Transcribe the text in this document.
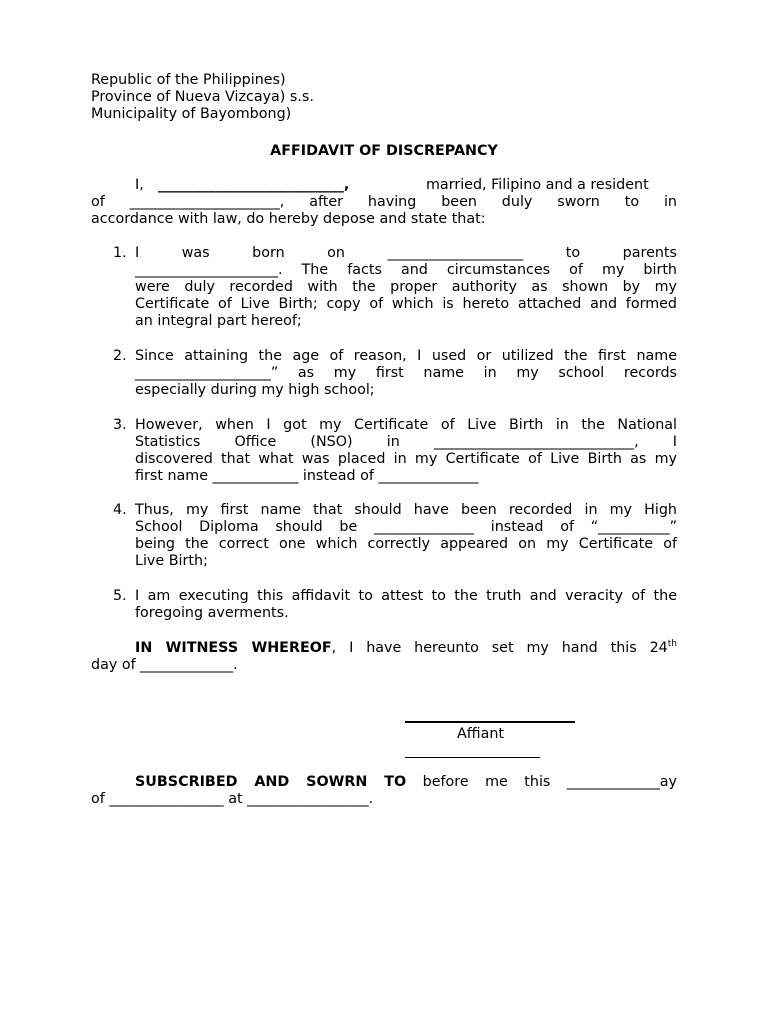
Republic of the Philippines)
Province of Nueva Vizcaya) s.s.
Municipality of Bayombong)
AFFIDAVIT OF DISCREPANCY
I, __________________________,	married, Filipino and a resident
of _____________________, after having been duly sworn to in
accordance with law, do hereby depose and state that:
1. I was born on ___________________ to parents
____________________. The facts and circumstances of my birth
were duly recorded with the proper authority as shown by my
Certificate of Live Birth; copy of which is hereto attached and formed
an integral part hereof;
2. Since attaining the age of reason, I used or utilized the first name
___________________” as my first name in my school records
especially during my high school;
3. However, when I got my Certificate of Live Birth in the National
Statistics Office (NSO) in ____________________________, I
discovered that what was placed in my Certificate of Live Birth as my
first name ____________ instead of ______________
4. Thus, my first name that should have been recorded in my High
School Diploma should be ______________ instead of “__________”
being the correct one which correctly appeared on my Certificate of
Live Birth;
5. I am executing this affidavit to attest to the truth and veracity of the
foregoing averments.
IN WITNESS WHEREOF, I have hereunto set my hand this 24th
day of _____________.
Affiant
SUBSCRIBED AND SOWRN TO before me this _____________ay
of ________________ at _________________.
